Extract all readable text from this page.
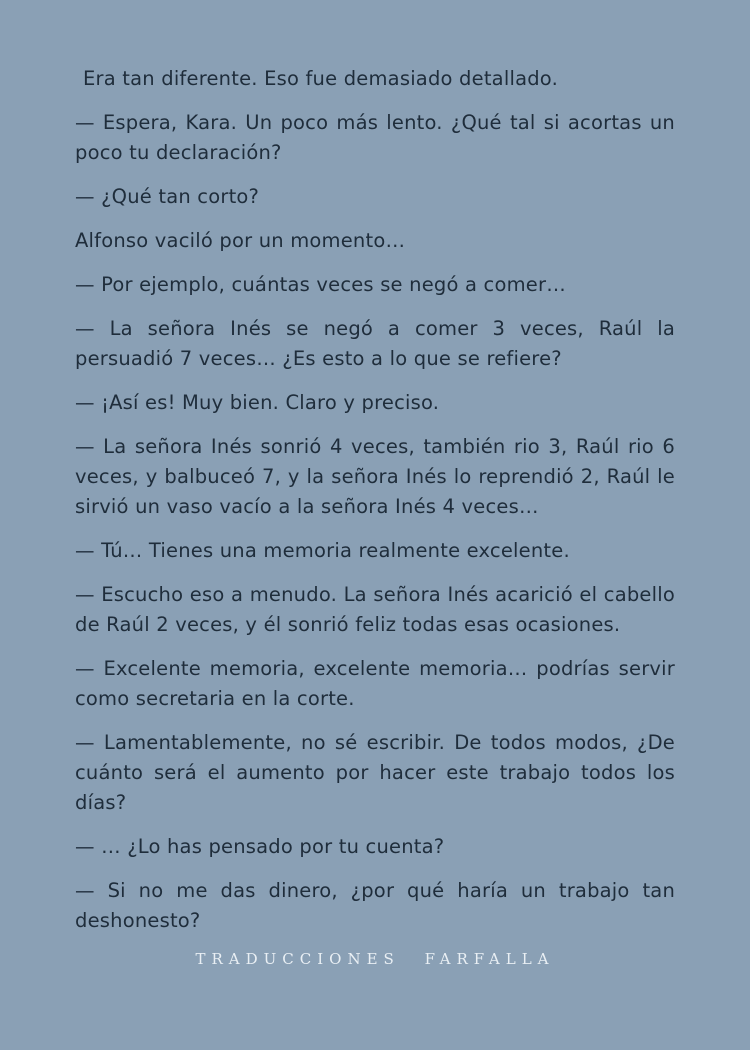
Era tan diferente. Eso fue demasiado detallado.

— Espera, Kara. Un poco más lento. ¿Qué tal si acortas un poco tu declaración?

— ¿Qué tan corto?

Alfonso vaciló por un momento…

— Por ejemplo, cuántas veces se negó a comer…

— La señora Inés se negó a comer 3 veces, Raúl la persuadió 7 veces… ¿Es esto a lo que se refiere?

— ¡Así es! Muy bien. Claro y preciso.

— La señora Inés sonrió 4 veces, también rio 3, Raúl rio 6 veces, y balbuceó 7, y la señora Inés lo reprendió 2, Raúl le sirvió un vaso vacío a la señora Inés 4 veces…

— Tú… Tienes una memoria realmente excelente.

— Escucho eso a menudo. La señora Inés acarició el cabello de Raúl 2 veces, y él sonrió feliz todas esas ocasiones.

— Excelente memoria, excelente memoria… podrías servir como secretaria en la corte.

— Lamentablemente, no sé escribir. De todos modos, ¿De cuánto será el aumento por hacer este trabajo todos los días?

— … ¿Lo has pensado por tu cuenta?

— Si no me das dinero, ¿por qué haría un trabajo tan deshonesto?

TRADUCCIONES FARFALLA
